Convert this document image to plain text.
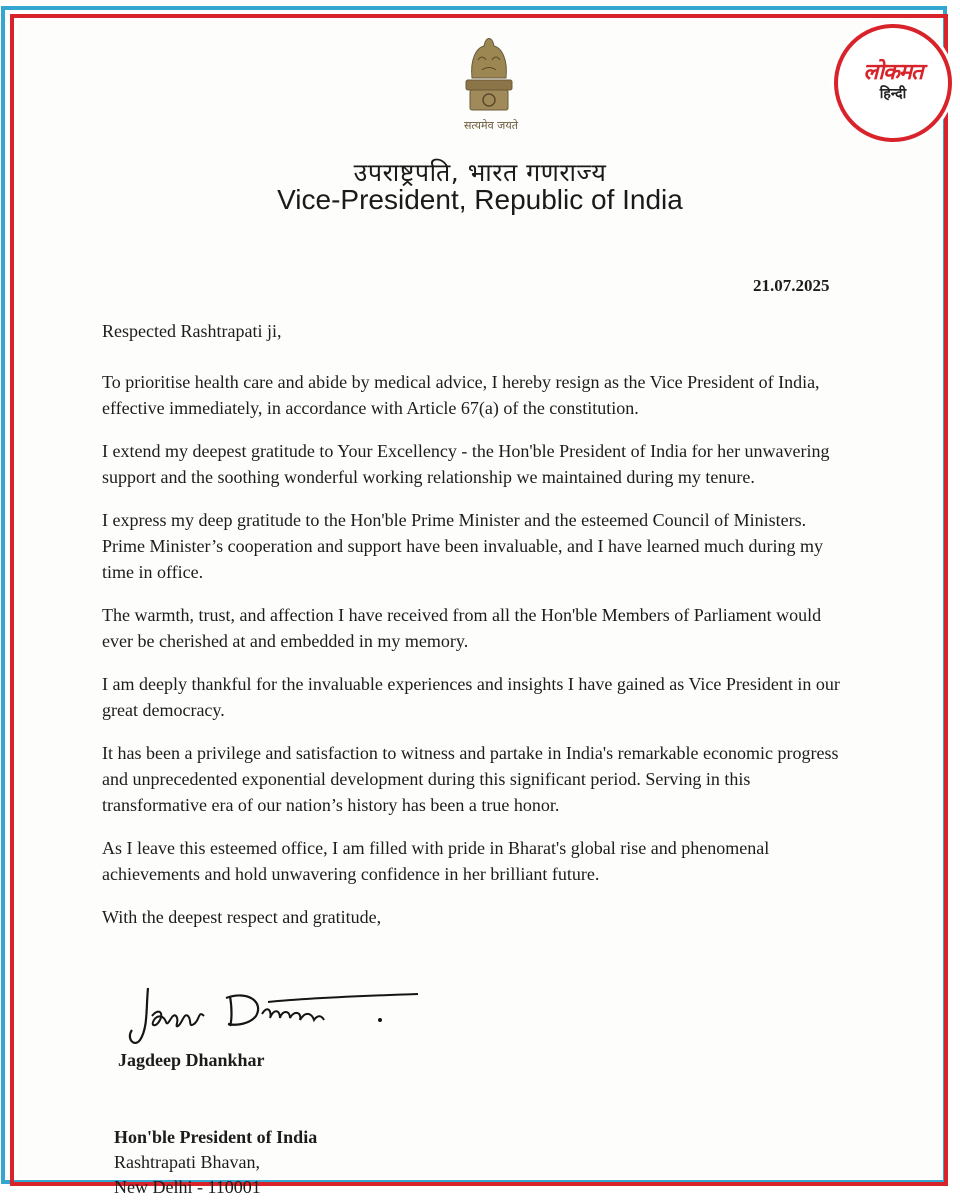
सत्यमेव जयते
उपराष्ट्रपति, भारत गणराज्य
Vice-President, Republic of India
लोकमत
हिन्दी
21.07.2025

Respected Rashtrapati ji,

To prioritise health care and abide by medical advice, I hereby resign as the Vice President of India, effective immediately, in accordance with Article 67(a) of the constitution.

I extend my deepest gratitude to Your Excellency - the Hon'ble President of India for her unwavering support and the soothing wonderful working relationship we maintained during my tenure.

I express my deep gratitude to the Hon'ble Prime Minister and the esteemed Council of Ministers. Prime Minister’s cooperation and support have been invaluable, and I have learned much during my time in office.

The warmth, trust, and affection I have received from all the Hon'ble Members of Parliament would ever be cherished at and embedded in my memory.

I am deeply thankful for the invaluable experiences and insights I have gained as Vice President in our great democracy.

It has been a privilege and satisfaction to witness and partake in India's remarkable economic progress and unprecedented exponential development during this significant period. Serving in this transformative era of our nation’s history has been a true honor.

As I leave this esteemed office, I am filled with pride in Bharat's global rise and phenomenal achievements and hold unwavering confidence in her brilliant future.

With the deepest respect and gratitude,

Jagdeep Dhankhar
Hon'ble President of India
Rashtrapati Bhavan,
New Delhi - 110001
